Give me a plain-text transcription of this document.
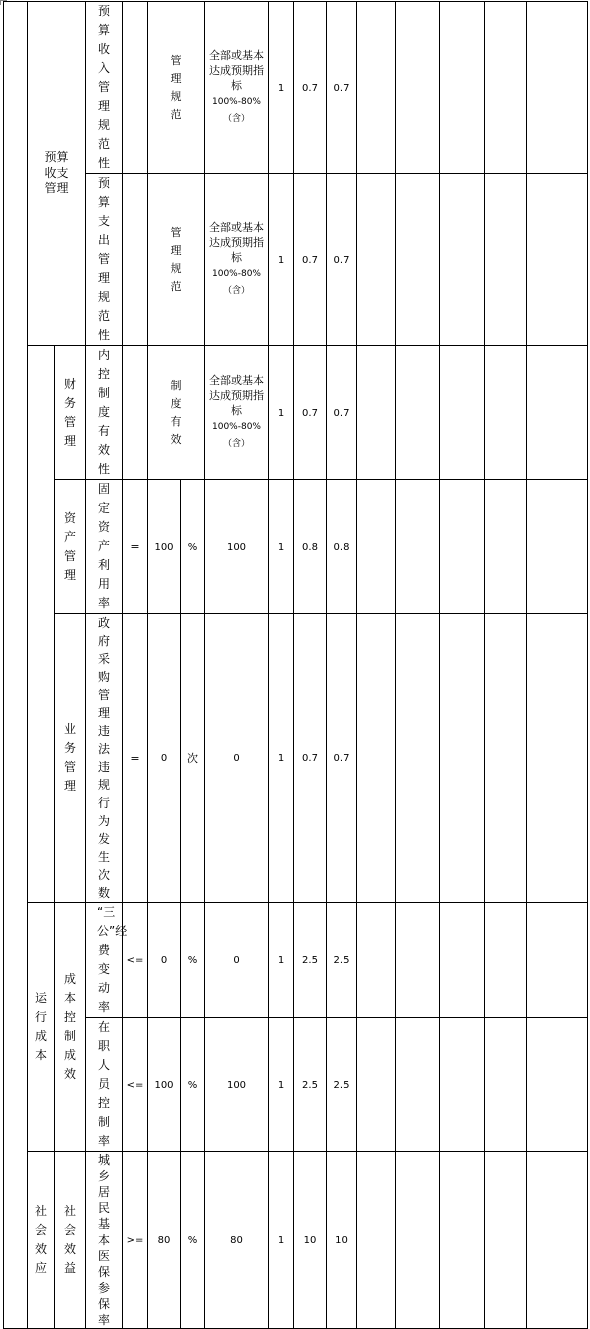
	预算收支管理		预算收入管理规范性		管理规范		全部或基本达成预期指标
100%-80%（含）	1	0.7	0.7					
			预算支出管理规范性		管理规范		全部或基本达成预期指标
100%-80%（含）	1	0.7	0.7					
		财务管理	内控制度有效性		制度有效		全部或基本达成预期指标
100%-80%（含）	1	0.7	0.7					
		资产管理	固定资产利用率	=	100	%	100	1	0.8	0.8					
		业务管理	政府采购管理违法违规行为发生次数	=	0	次	0	1	0.7	0.7					
	运行成本	成本控制成效	“三公”经费变动率	<=	0	%	0	1	2.5	2.5					
			在职人员控制率	<=	100	%	100	1	2.5	2.5					
	社会效应	社会效益	城乡居民基本医保参保率	>=	80	%	80	1	10	10					
